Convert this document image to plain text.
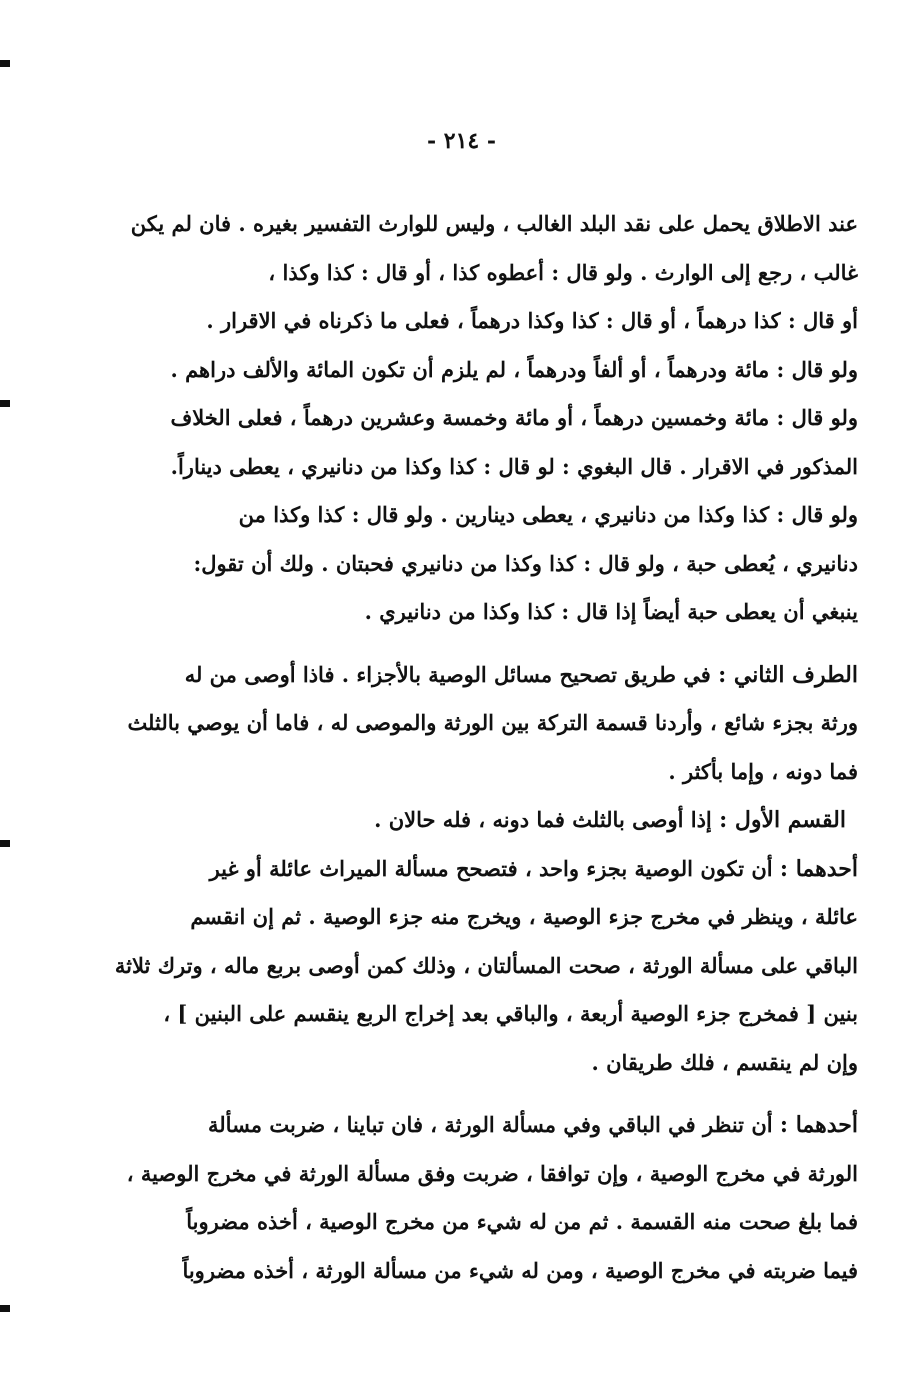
- ٢١٤ -
عند الاطلاق يحمل على نقد البلد الغالب ، وليس للوارث التفسير بغيره . فان لم يكن
غالب ، رجع إلى الوارث . ولو قال : أعطوه كذا ، أو قال : كذا وكذا ،
أو قال : كذا درهماً ، أو قال : كذا وكذا درهماً ، فعلى ما ذكرناه في الاقرار .
ولو قال : مائة ودرهماً ، أو ألفاً ودرهماً ، لم يلزم أن تكون المائة والألف دراهم .
ولو قال : مائة وخمسين درهماً ، أو مائة وخمسة وعشرين درهماً ، فعلى الخلاف
المذكور في الاقرار . قال البغوي : لو قال : كذا وكذا من دنانيري ، يعطى ديناراً.
ولو قال : كذا وكذا من دنانيري ، يعطى دينارين . ولو قال : كذا وكذا من
دنانيري ، يُعطى حبة ، ولو قال : كذا وكذا من دنانيري فحبتان . ولك أن تقول:
ينبغي أن يعطى حبة أيضاً إذا قال : كذا وكذا من دنانيري .
الطرف الثاني : في طريق تصحيح مسائل الوصية بالأجزاء . فاذا أوصى من له
ورثة بجزء شائع ، وأردنا قسمة التركة بين الورثة والموصى له ، فاما أن يوصي بالثلث
فما دونه ، وإما بأكثر .
القسم الأول : إذا أوصى بالثلث فما دونه ، فله حالان .
أحدهما : أن تكون الوصية بجزء واحد ، فتصحح مسألة الميراث عائلة أو غير
عائلة ، وينظر في مخرج جزء الوصية ، ويخرج منه جزء الوصية . ثم إن انقسم
الباقي على مسألة الورثة ، صحت المسألتان ، وذلك كمن أوصى بربع ماله ، وترك ثلاثة
بنين [ فمخرج جزء الوصية أربعة ، والباقي بعد إخراج الربع ينقسم على البنين ] ،
وإن لم ينقسم ، فلك طريقان .
أحدهما : أن تنظر في الباقي وفي مسألة الورثة ، فان تباينا ، ضربت مسألة
الورثة في مخرج الوصية ، وإن توافقا ، ضربت وفق مسألة الورثة في مخرج الوصية ،
فما بلغ صحت منه القسمة . ثم من له شيء من مخرج الوصية ، أخذه مضروباً
فيما ضربته في مخرج الوصية ، ومن له شيء من مسألة الورثة ، أخذه مضروباً
